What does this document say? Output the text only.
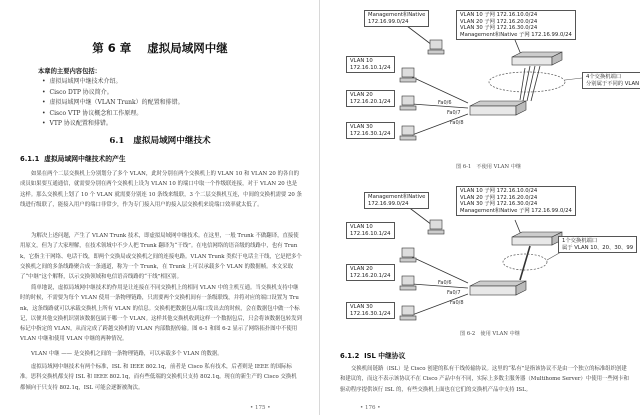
第 6 章 虚拟局域网中继
本章的主要内容包括：
• 虚拟局域网中继技术介绍。
• Cisco DTP 协议简介。
• 虚拟局域网中继（VLAN Trunk）的配置和排错。
• Cisco VTP 协议概念和工作原理。
• VTP 协议配置和排错。
6.1 虚拟局域网中继技术
6.1.1 虚拟局域网中继技术的产生

如果在两个二层交换机上分别划分了多个 VLAN，此时分别在两个交换机上的 VLAN 10 和 VLAN 20 的各自的成员如果要互通通信，就需要分别在两个交换机上设为 VLAN 10 的端口中取一个作级联连接，对于 VLAN 20 也是这样。那么交换机上划了 10 个 VLAN 就需要分别连 10 条线来级联，3 个二层交换机互连，中间的交换机需要 20 条线进行级联了，能接入用户的端口非常少，作为专门接入用户的接入层交换机来说端口效率就太低了。

为解决上述问题，产生了 VLAN Trunk 技术，即虚拟局域网中继技术。在这里，一般 Trunk 不做翻译，直接使用原文，但为了大家理解，在技术领域中不少人把 Trunk 翻译为“干线”。在电信网络的语音级的线路中，也有 Trunk，它指主干网络、电话干线，即两个交换局或交换机之间的连接电路。VLAN Trunk 类似于电话主干线，它是把多个交换机之间的多条线路聚合成一条通道，称为一个 Trunk，在 Trunk 上可以承载多个 VLAN 的数据帧。本文采取了“中继”这个解释，以示交换领域和电信语音线路的“干线”相区别。

简单地说，虚拟局域网中继技术的作用是让连接在不同交换机上的相同 VLAN 中的主机互通。当交换机支持中继时的时候，不需要为每个 VLAN 使用一条物理链路，只需要两个交换机间有一条级联线，并将对应的端口设置为 Trunk，这条线路就可以承载交换机上所有 VLAN 的信息。交换机把数据包从端口发出去的时候，会在数据包中做一个标记，以便其他交换机识别该数据包属于哪一个 VLAN。这样其他交换机收到这样一个数据包后，只会将该数据包转发到标记中指定的 VLAN，从而完成了跨越交换机的 VLAN 内部数据传输。图 6-1 和图 6-2 显示了网络拓扑图中不使用 VLAN 中继和使用 VLAN 中继的两种情况。

VLAN 中继 —— 是交换机之间的一条物理链路，可以承载多个 VLAN 的数据。

虚拟局域网中继技术有两个标准，ISL 和 IEEE 802.1q，前者是 Cisco 私有技术，后者则是 IEEE 的国际标准。思科交换机都支持 ISL 和 IEEE 802.1q，而有些低端的交换机只支持 802.1q。现在的新生产的 Cisco 交换机都倾向于只支持 802.1q，ISL 可能会逐渐被淘汰。

• 175 •
Management和Native
172.16.99.0/24
VLAN 10 子网 172.16.10.0/24
VLAN 20 子网 172.16.20.0/24
VLAN 30 子网 172.16.30.0/24
Management和Native 子网 172.16.99.0/24
VLAN 10
172.16.10.1/24
VLAN 20
172.16.20.1/24
VLAN 30
172.16.30.1/24
4个交换机端口
分别属于不同的 VLAN
Fa0/6
Fa0/7
Fa0/8
图 6-1　不使用 VLAN 中继
Management和Native
172.16.99.0/24
VLAN 10 子网 172.16.10.0/24
VLAN 20 子网 172.16.20.0/24
VLAN 30 子网 172.16.30.0/24
Management和Native 子网 172.16.99.0/24
VLAN 10
172.16.10.1/24
VLAN 20
172.16.20.1/24
VLAN 30
172.16.30.1/24
1个交换机端口
属于 VLAN 10、20、30、99
Fa0/6
Fa0/7
Fa0/8
图 6-2　使用 VLAN 中继
6.1.2 ISL 中继协议

交换机间链路（ISL）是 Cisco 创建的私有干线传输协议。这里的“私有”是指该协议不是由一个独立的标准组织创建和建议的，而这不表示该协议不在 Cisco 产品中有不同，实际上多数主服务器（Multihome Server）中使用一些网卡和驱动程序提供该行 ISL 的，有些交换机上面也在它们的交换机产品中支持 ISL。

• 176 •
